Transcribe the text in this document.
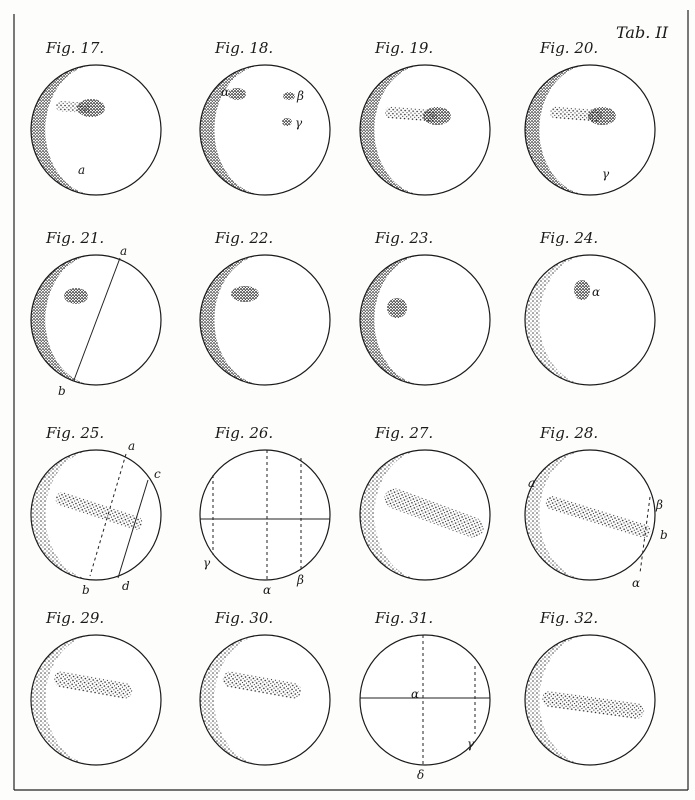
Tab. II
Fig. 17.
a
Fig. 18.
α	β
γ
Fig. 19.	Fig. 20.
γ
Fig. 21.
a
b
Fig. 22.	Fig. 23.	Fig. 24.
α
Fig. 25.
a
b
c
d
Fig. 26.
γ
α
β
Fig. 27.	Fig. 28.
a
β
b
α
Fig. 29.	Fig. 30.	Fig. 31.
α
γ
δ
Fig. 32.
